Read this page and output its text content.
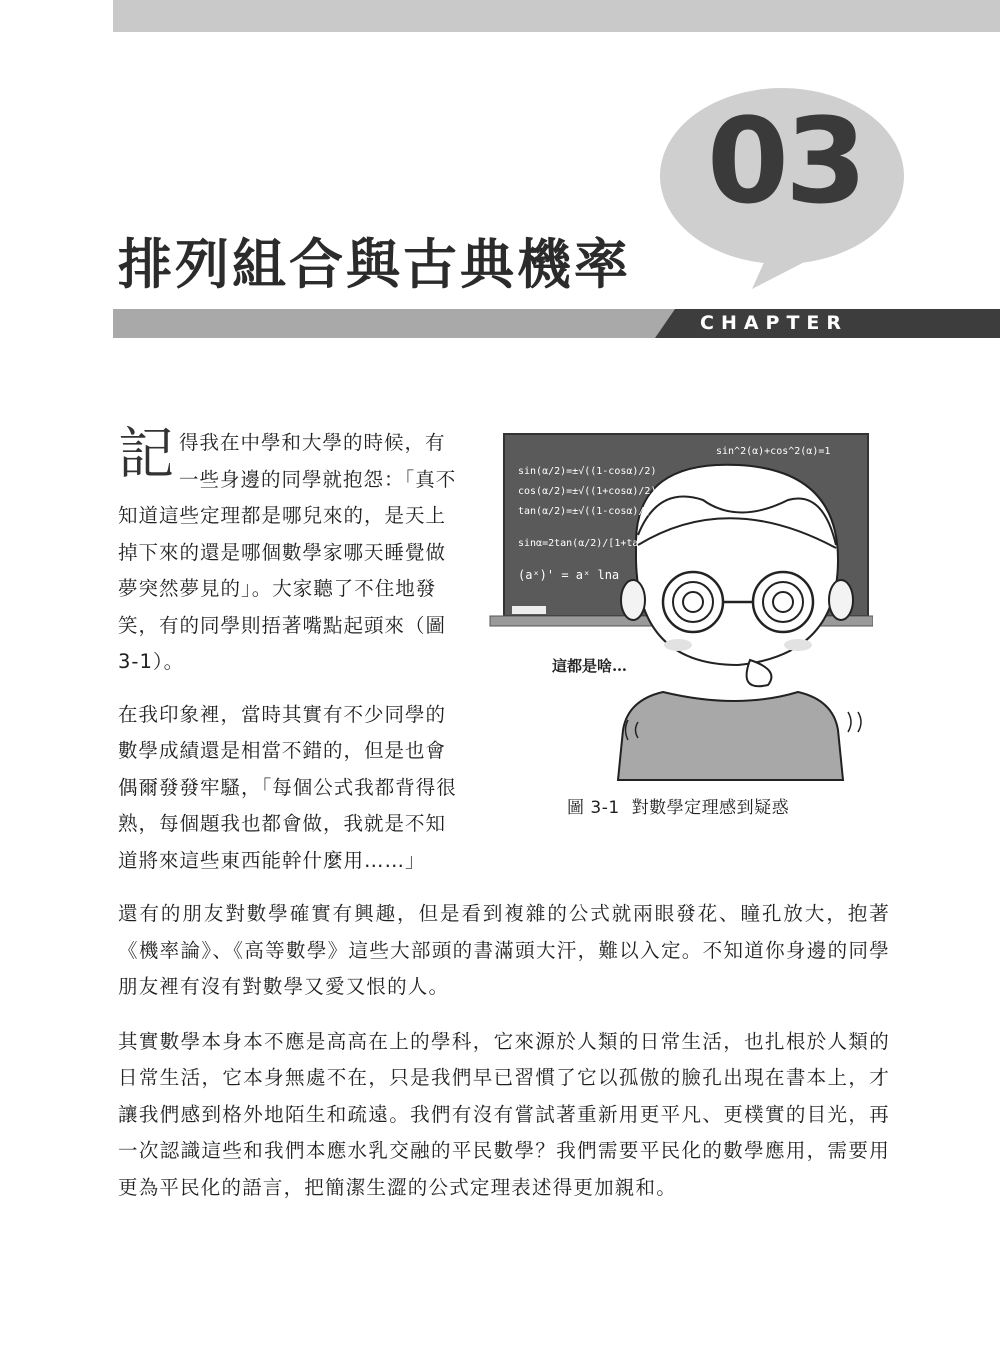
03
排列組合與古典機率
CHAPTER

記得我在中學和大學的時候，有一些身邊的同學就抱怨：「真不知道這些定理都是哪兒來的，是天上掉下來的還是哪個數學家哪天睡覺做夢突然夢見的」。大家聽了不住地發笑，有的同學則捂著嘴點起頭來（圖 3-1）。

在我印象裡，當時其實有不少同學的數學成績還是相當不錯的，但是也會偶爾發發牢騷，「每個公式我都背得很熟，每個題我也都會做，我就是不知道將來這些東西能幹什麼用……」

sin^2(α)+cos^2(α)=1
sin(α/2)=±√((1-cosα)/2)
cos(α/2)=±√((1+cosα)/2)
tan(α/2)=±√((1-cosα)/(
sinα=2tan(α/2)/[1+ta
(aˣ)' = aˣ lna
這都是啥…
圖 3-1 對數學定理感到疑惑

還有的朋友對數學確實有興趣，但是看到複雜的公式就兩眼發花、瞳孔放大，抱著《機率論》、《高等數學》這些大部頭的書滿頭大汗，難以入定。不知道你身邊的同學朋友裡有沒有對數學又愛又恨的人。

其實數學本身本不應是高高在上的學科，它來源於人類的日常生活，也扎根於人類的日常生活，它本身無處不在，只是我們早已習慣了它以孤傲的臉孔出現在書本上，才讓我們感到格外地陌生和疏遠。我們有沒有嘗試著重新用更平凡、更樸實的目光，再一次認識這些和我們本應水乳交融的平民數學？我們需要平民化的數學應用，需要用更為平民化的語言，把簡潔生澀的公式定理表述得更加親和。
